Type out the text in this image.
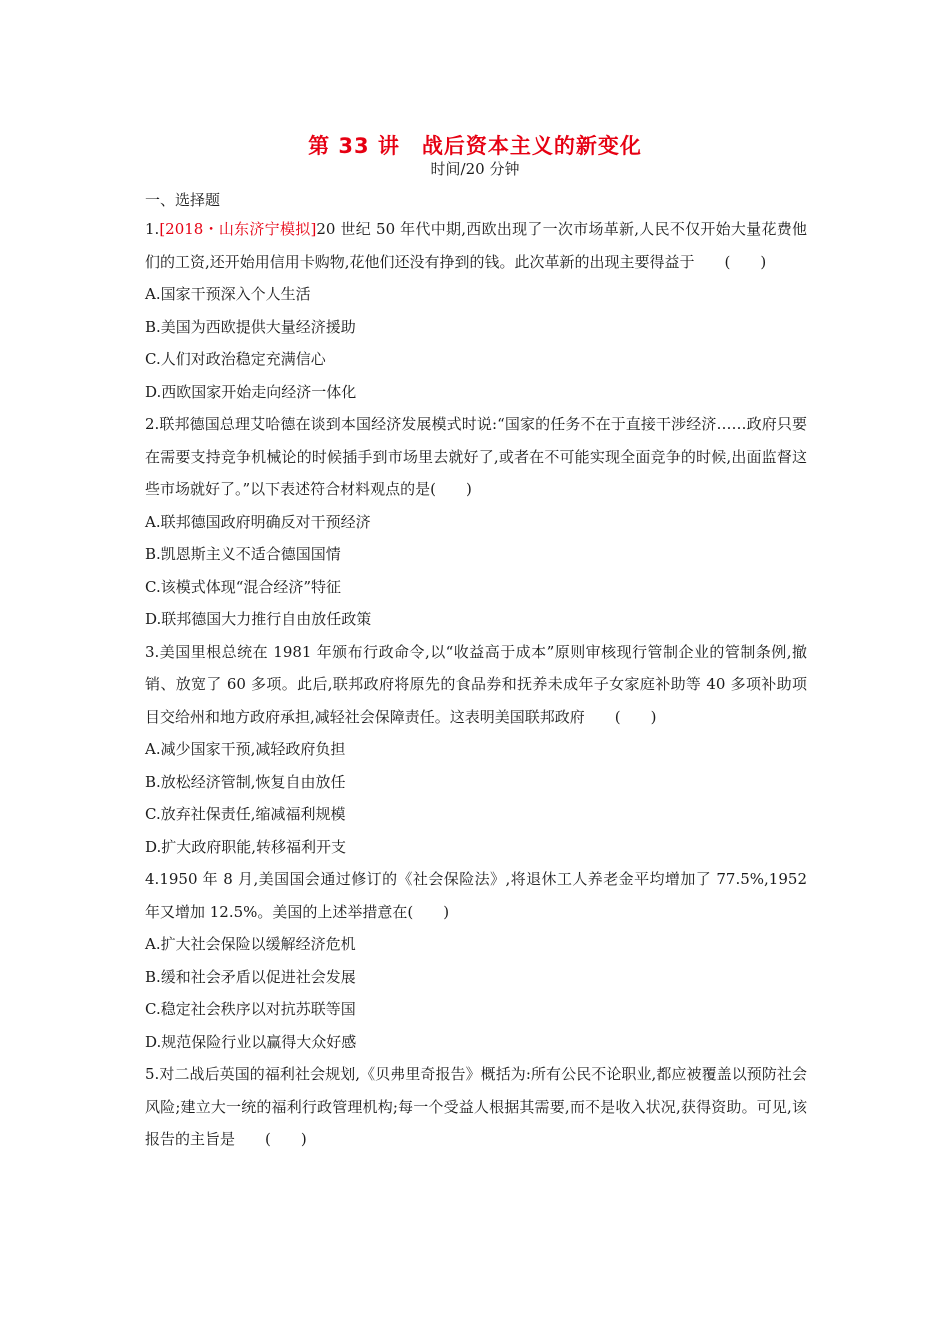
第 33 讲　战后资本主义的新变化
时间/20 分钟
一、选择题

1.[2018・山东济宁模拟]20 世纪 50 年代中期,西欧出现了一次市场革新,人民不仅开始大量花费他们的工资,还开始用信用卡购物,花他们还没有挣到的钱。此次革新的出现主要得益于　　(　　)

A.国家干预深入个人生活

B.美国为西欧提供大量经济援助

C.人们对政治稳定充满信心

D.西欧国家开始走向经济一体化

2.联邦德国总理艾哈德在谈到本国经济发展模式时说:“国家的任务不在于直接干涉经济……政府只要在需要支持竞争机械论的时候插手到市场里去就好了,或者在不可能实现全面竞争的时候,出面监督这些市场就好了。”以下表述符合材料观点的是(　　)

A.联邦德国政府明确反对干预经济

B.凯恩斯主义不适合德国国情

C.该模式体现“混合经济”特征

D.联邦德国大力推行自由放任政策

3.美国里根总统在 1981 年颁布行政命令,以“收益高于成本”原则审核现行管制企业的管制条例,撤销、放宽了 60 多项。此后,联邦政府将原先的食品券和抚养未成年子女家庭补助等 40 多项补助项目交给州和地方政府承担,减轻社会保障责任。这表明美国联邦政府　　(　　)

A.减少国家干预,减轻政府负担

B.放松经济管制,恢复自由放任

C.放弃社保责任,缩减福利规模

D.扩大政府职能,转移福利开支

4.1950 年 8 月,美国国会通过修订的《社会保险法》,将退休工人养老金平均增加了 77.5%,1952 年又增加 12.5%。美国的上述举措意在(　　)

A.扩大社会保险以缓解经济危机

B.缓和社会矛盾以促进社会发展

C.稳定社会秩序以对抗苏联等国

D.规范保险行业以赢得大众好感

5.对二战后英国的福利社会规划,《贝弗里奇报告》概括为:所有公民不论职业,都应被覆盖以预防社会风险;建立大一统的福利行政管理机构;每一个受益人根据其需要,而不是收入状况,获得资助。可见,该报告的主旨是　　(　　)
